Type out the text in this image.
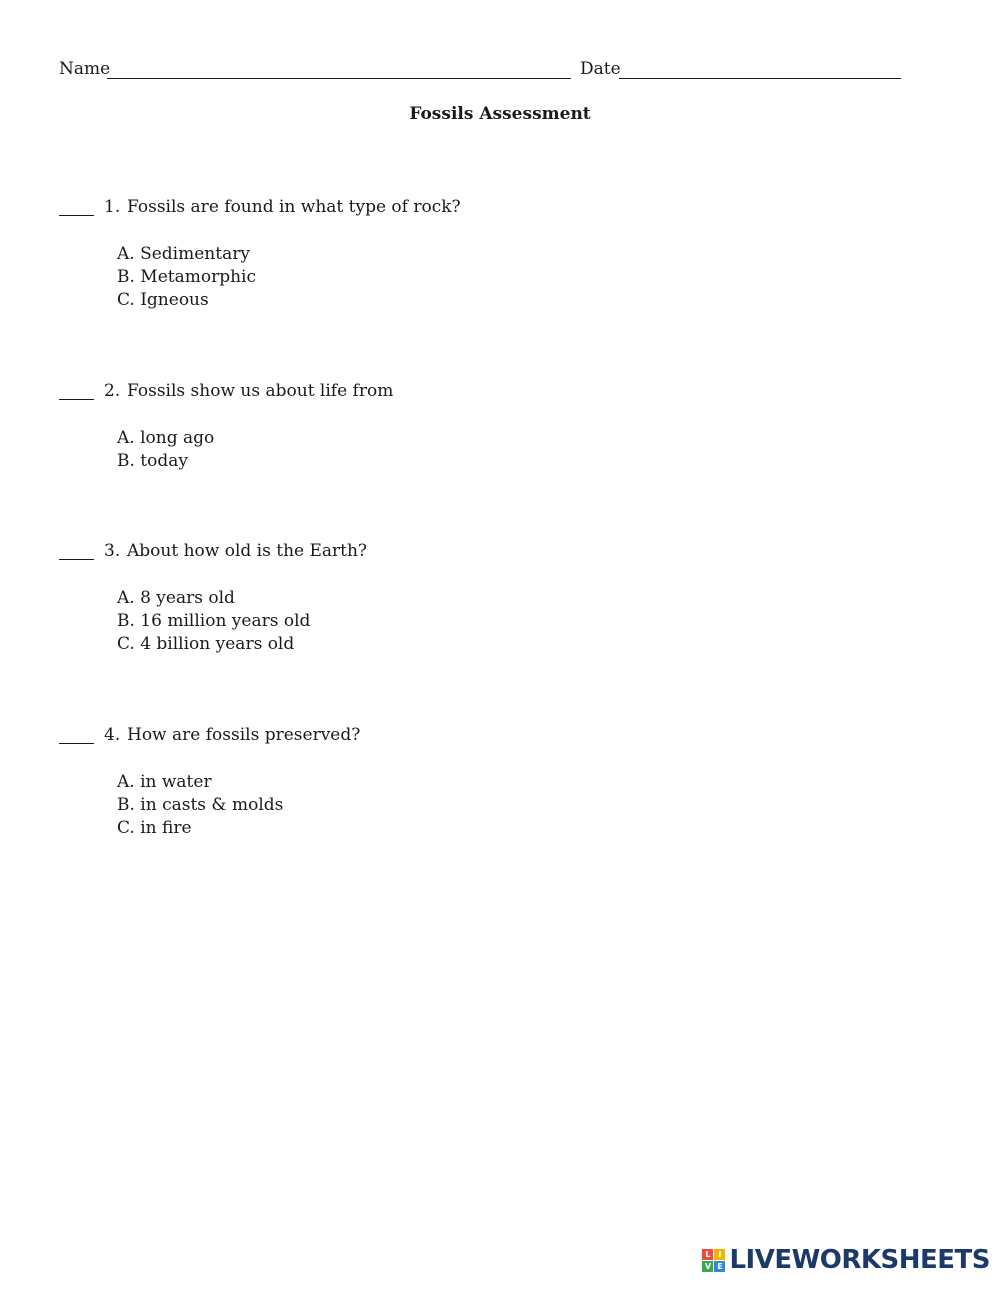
Name	Date
Fossils Assessment
1. Fossils are found in what type of rock?
A. Sedimentary
B. Metamorphic
C. Igneous
2. Fossils show us about life from
A. long ago
B. today
3. About how old is the Earth?
A. 8 years old
B. 16 million years old
C. 4 billion years old
4. How are fossils preserved?
A. in water
B. in casts & molds
C. in fire
L I
V E LIVEWORKSHEETS
